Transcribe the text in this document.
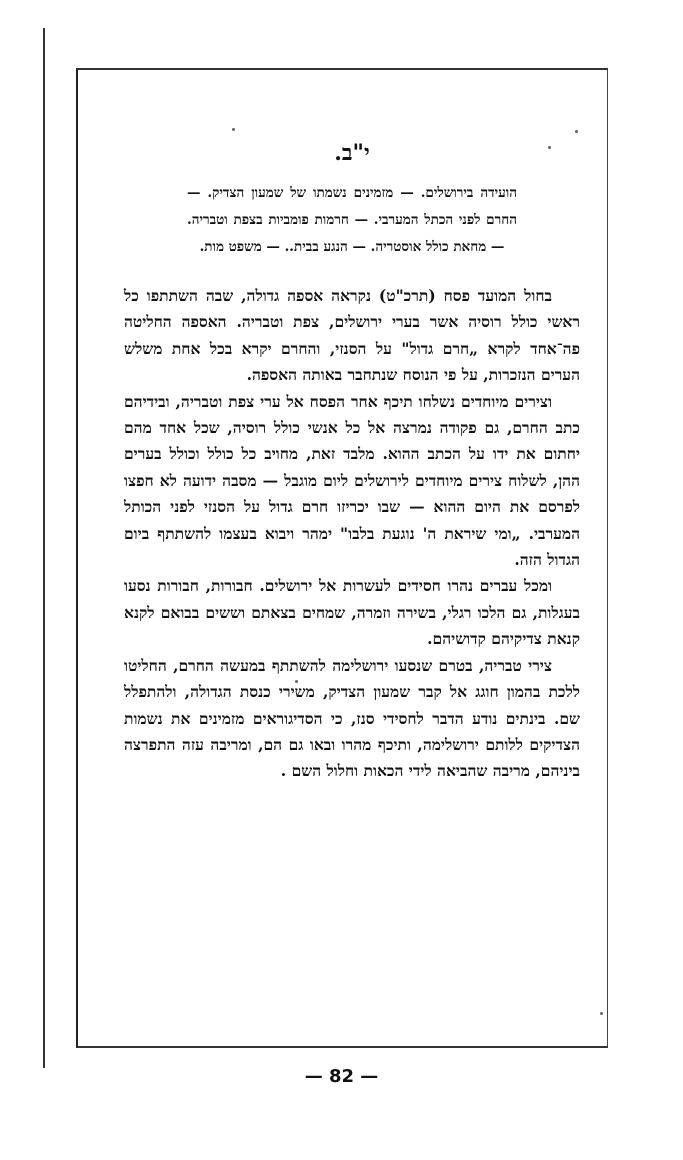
י"ב.
הועידה בירושלים. — מזמינים נשמתו של שמעון הצדיק. — החרם לפני הכתל המערבי. — חרמות פומביות בצפת וטבריה. — מחאת כולל אוסטריה. — הנגע בבית.. — משפט מות.

בחול המועד פסח (תרכ"ט) נקראה אספה גדולה, שבה השתתפו כל ראשי כולל רוסיה אשר בערי ירושלים, צפת וטבריה. האספה החליטה פה־אחד לקרא „חרם גדול" על הסנזי, והחרם יקרא בכל אחת משלש הערים הנזכרות, על פי הנוסח שנתחבר באותה האספה.

וצירים מיוחדים נשלחו תיכף אחר הפסח אל ערי צפת וטבריה, ובידיהם כתב החרם, גם פקודה נמרצה אל כל אנשי כולל רוסיה, שכל אחד מהם יחתום את ידו על הכתב ההוא. מלבד זאת, מחויב כל כולל וכולל בערים ההן, לשלוח צירים מיוחדים לירושלים ליום מוגבל — מסבה ידועה לא חפצו לפרסם את היום ההוא — שבו יכריזו חרם גדול על הסנזי לפני הכותל המערבי. „ומי שיראת ה' נוגעת בלבו" ימהר ויבוא בעצמו להשתתף ביום הגדול הזה.

ומכל עברים נהרו חסידים לעשרות אל ירושלים. חבורות, חבורות נסעו בעגלות, גם הלכו רגלי, בשירה וזמרה, שמחים בצאתם וששים בבואם לקנא קנאת צדיקיהם קדושיהם.

צירי טבריה, בטרם שנסעו ירושלימה להשתתף במעשה החרם, החליטו ללכת בהמון חוגג אל קבר שמעון הצדיק, משירי כנסת הגדולה, ולהתפלל שם. בינתים נודע הדבר לחסידי סנז, כי הסדיגוראים מזמינים את נשמות הצדיקים ללותם ירושלימה, ותיכף מהרו ובאו גם הם, ומריבה עזה התפרצה ביניהם, מריבה שהביאה לידי הכאות וחלול השם .

— 82 —
